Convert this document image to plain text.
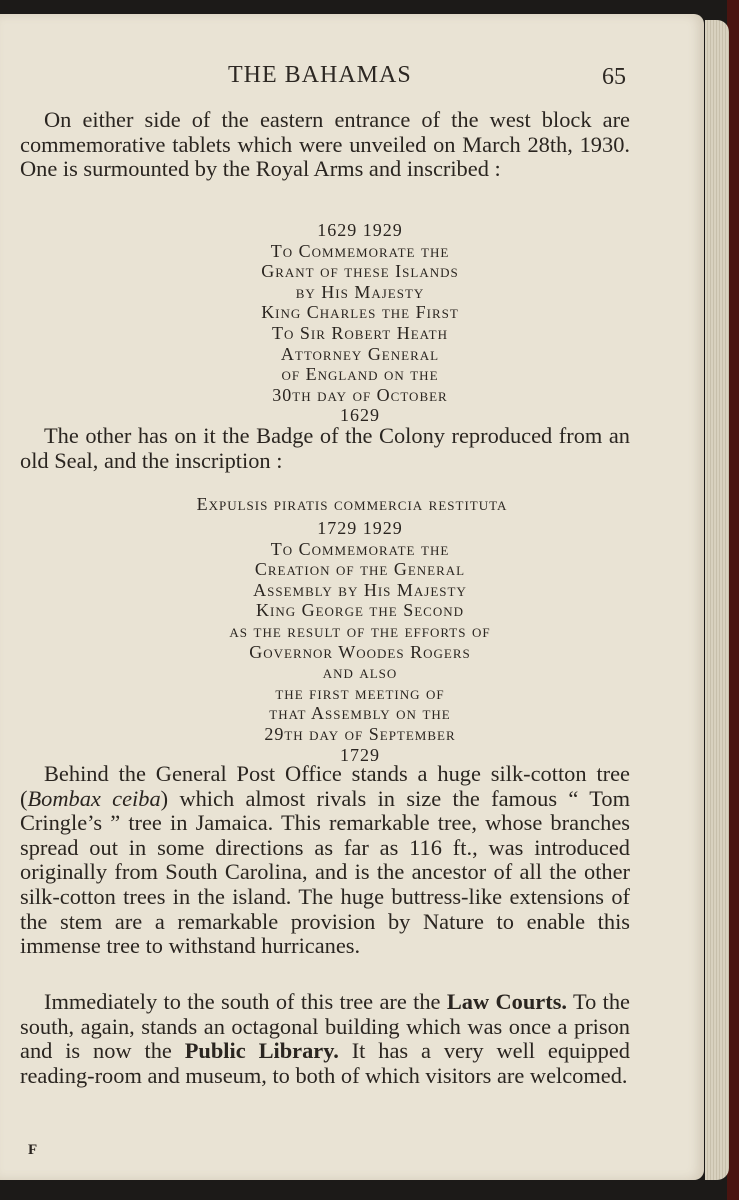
THE BAHAMAS	65

On either side of the eastern entrance of the west block are commemorative tablets which were unveiled on March 28th, 1930. One is surmounted by the Royal Arms and inscribed :

1629 1929
To Commemorate the
Grant of these Islands
by His Majesty
King Charles the First
To Sir Robert Heath
Attorney General
of England on the
30th day of October
1629

The other has on it the Badge of the Colony reproduced from an old Seal, and the inscription :

Expulsis piratis commercia restituta
1729 1929
To Commemorate the
Creation of the General
Assembly by His Majesty
King George the Second
as the result of the efforts of
Governor Woodes Rogers
and also
the first meeting of
that Assembly on the
29th day of September
1729

Behind the General Post Office stands a huge silk-cotton tree (Bombax ceiba) which almost rivals in size the famous “ Tom Cringle’s ” tree in Jamaica. This remarkable tree, whose branches spread out in some directions as far as 116 ft., was introduced originally from South Carolina, and is the ancestor of all the other silk-cotton trees in the island. The huge buttress-like extensions of the stem are a remarkable provision by Nature to enable this immense tree to withstand hurricanes.

Immediately to the south of this tree are the Law Courts. To the south, again, stands an octagonal building which was once a prison and is now the Public Library. It has a very well equipped reading-room and museum, to both of which visitors are welcomed.

F
